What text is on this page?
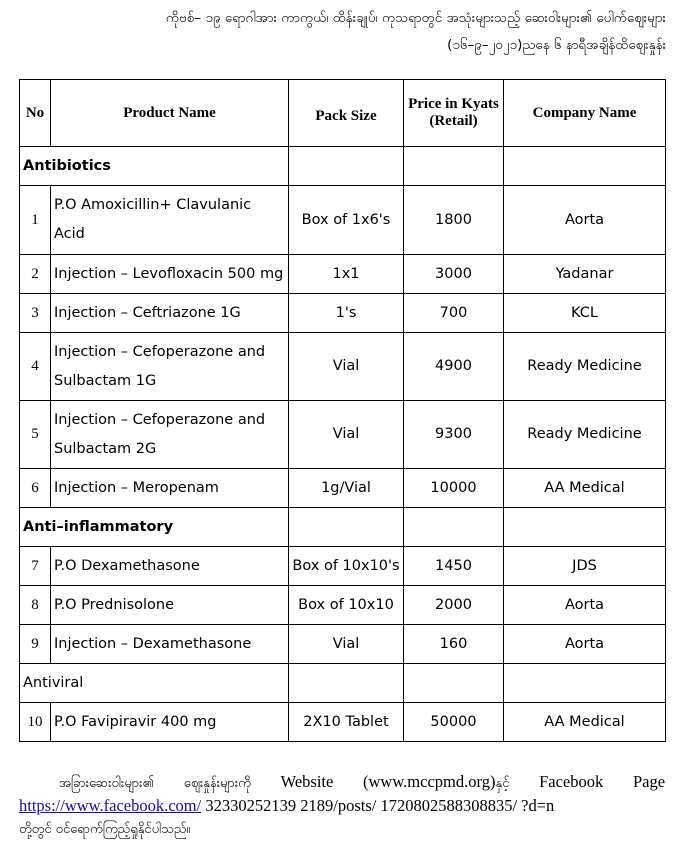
ကိုဗစ်– ၁၉ ရောဂါအား ကာကွယ်၊ ထိန်းချုပ်၊ ကုသရာတွင် အသုံးများသည့် ဆေးဝါးများ၏ ပေါက်ဈေးများ
(၁၆–၉–၂၀၂၁)ညနေ ၆ နာရီအချိန်ထိဈေးနှုန်း
No	Product Name	Pack Size	Price in Kyats (Retail)	Company Name
Antibiotics				
1	P.O Amoxicillin+ Clavulanic Acid	Box of 1x6's	1800	Aorta
2	Injection – Levofloxacin 500 mg	1x1	3000	Yadanar
3	Injection – Ceftriazone 1G	1's	700	KCL
4	Injection – Cefoperazone and Sulbactam 1G	Vial	4900	Ready Medicine
5	Injection – Cefoperazone and Sulbactam 2G	Vial	9300	Ready Medicine
6	Injection – Meropenam	1g/Vial	10000	AA Medical
Anti–inflammatory				
7	P.O Dexamethasone	Box of 10x10's	1450	JDS
8	P.O Prednisolone	Box of 10x10	2000	Aorta
9	Injection – Dexamethasone	Vial	160	Aorta
Antiviral				
10	P.O Favipiravir 400 mg	2X10 Tablet	50000	AA Medical
အခြားဆေးဝါးများ၏ ဈေးနှုန်းများကို Website (www.mccpmd.org)နှင့် Facebook Page
https://www.facebook.com/ 32330252139 2189/posts/ 1720802588308835/ ?d=n
တို့တွင် ဝင်ရောက်ကြည့်ရှုနိုင်ပါသည်။
